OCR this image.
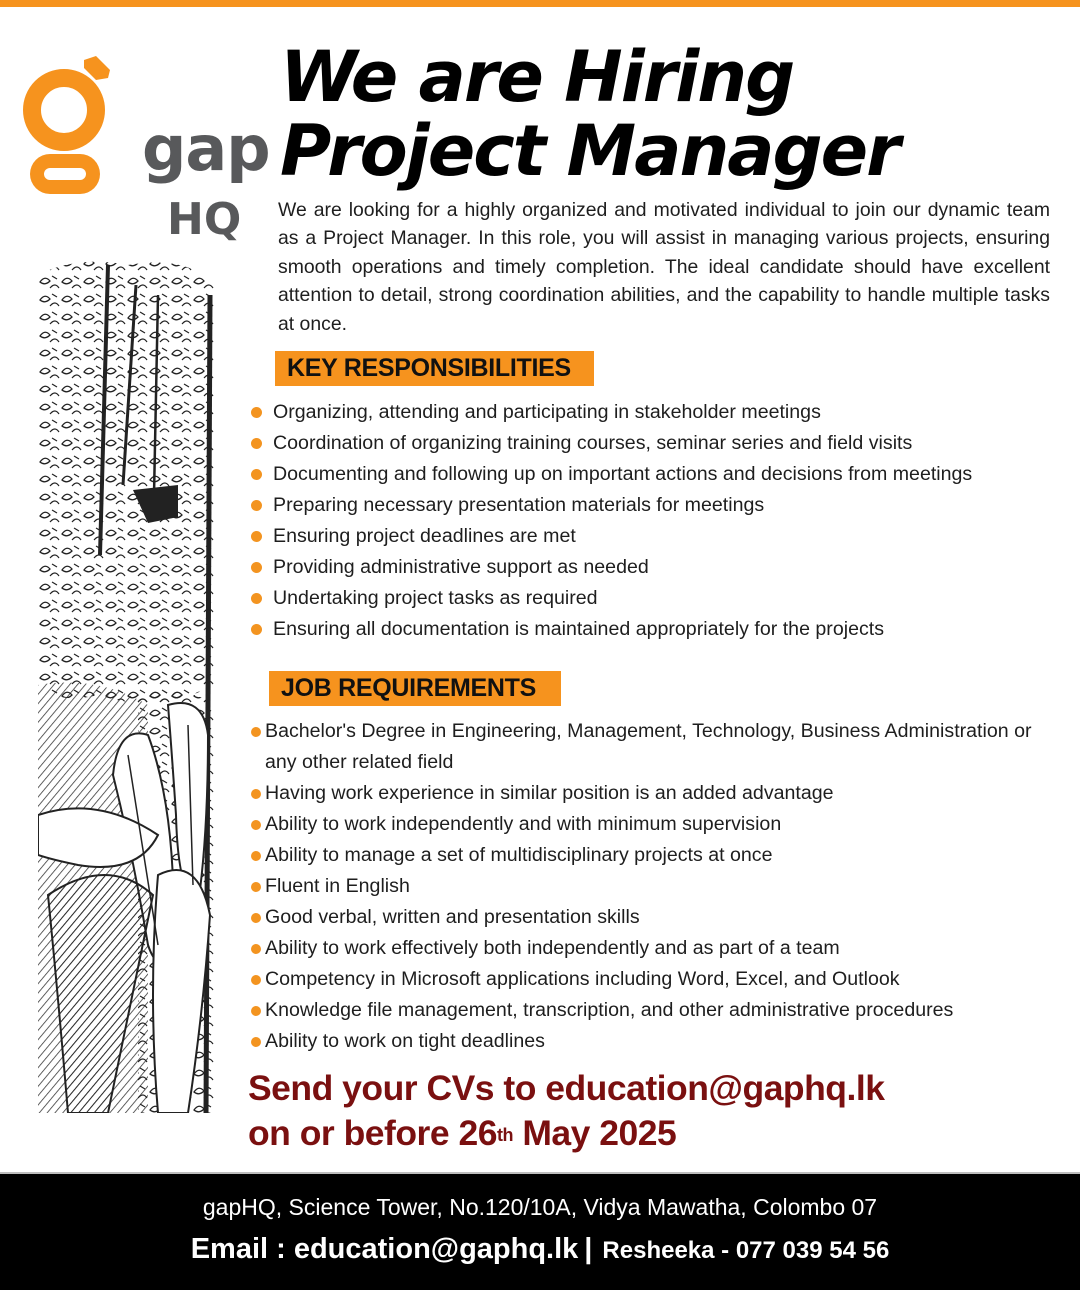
gap
HQ
We are Hiring
Project Manager

We are looking for a highly organized and motivated individual to join our dynamic team as a Project Manager. In this role, you will assist in managing various projects, ensuring smooth operations and timely completion. The ideal candidate should have excellent attention to detail, strong coordination abilities, and the capability to handle multiple tasks at once.

KEY RESPONSIBILITIES
Organizing, attending and participating in stakeholder meetings
Coordination of organizing training courses, seminar series and field visits
Documenting and following up on important actions and decisions from meetings
Preparing necessary presentation materials for meetings
Ensuring project deadlines are met
Providing administrative support as needed
Undertaking project tasks as required
Ensuring all documentation is maintained appropriately for the projects
JOB REQUIREMENTS
Bachelor's Degree in Engineering, Management, Technology, Business Administration or any other related field
Having work experience in similar position is an added advantage
Ability to work independently and with minimum supervision
Ability to manage a set of multidisciplinary projects at once
Fluent in English
Good verbal, written and presentation skills
Ability to work effectively both independently and as part of a team
Competency in Microsoft applications including Word, Excel, and Outlook
Knowledge file management, transcription, and other administrative procedures
Ability to work on tight deadlines
Send your CVs to education@gaphq.lk
on or before 26th May 2025
gapHQ, Science Tower, No.120/10A, Vidya Mawatha, Colombo 07
Email : education@gaphq.lk | Resheeka - 077 039 54 56
